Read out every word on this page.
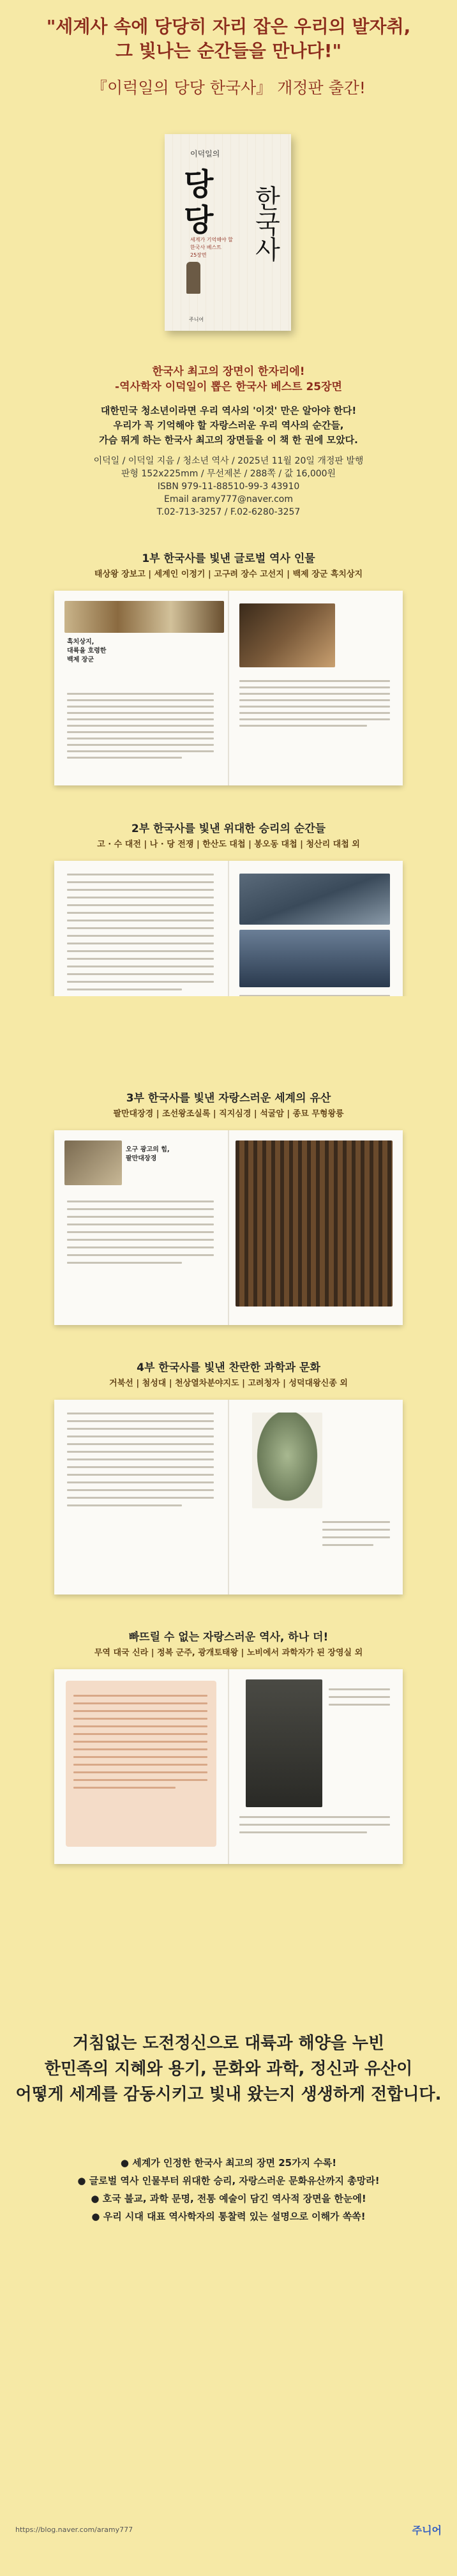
"세계사 속에 당당히 자리 잡은 우리의 발자취,
그 빛나는 순간들을 만나다!"
『이럭일의 당당 한국사』 개정판 출간!
이덕일의
당
당 한국사
세계가 기억해야 할
한국사 베스트
25장면
주니어
한국사 최고의 장면이 한자리에!
-역사학자 이덕일이 뽑은 한국사 베스트 25장면
대한민국 청소년이라면 우리 역사의 '이것' 만은 알아야 한다!
우리가 꼭 기억해야 할 자랑스러운 우리 역사의 순간들,
가슴 뛰게 하는 한국사 최고의 장면들을 이 책 한 권에 모았다.
이덕일 / 이덕일 지음 / 청소년 역사 / 2025년 11월 20일 개정판 발행
판형 152x225mm / 무선제본 / 288쪽 / 값 16,000원
ISBN 979-11-88510-99-3 43910
Email aramy777@naver.com
T.02-713-3257 / F.02-6280-3257
1부 한국사를 빛낸 글로벌 역사 인물
태상왕 장보고 | 세계인 이정기 | 고구려 장수 고선지 | 백제 장군 흑치상지
흑치상지,
대륙을 호령한
백제 장군
2부 한국사를 빛낸 위대한 승리의 순간들
고 · 수 대전 | 나 · 당 전쟁 | 한산도 대첩 | 봉오동 대첩 | 청산리 대첩 외
3부 한국사를 빛낸 자랑스러운 세계의 유산
팔만대장경 | 조선왕조실록 | 직지심경 | 석굴암 | 종묘 무형왕릉
오구 광고의 힘,
팔만대장경
4부 한국사를 빛낸 찬란한 과학과 문화
거북선 | 첨성대 | 천상열차분야지도 | 고려청자 | 성덕대왕신종 외
빠뜨릴 수 없는 자랑스러운 역사, 하나 더!
무역 대국 신라 | 정복 군주, 광개토태왕 | 노비에서 과학자가 된 장영실 외
거침없는 도전정신으로 대륙과 해양을 누빈
한민족의 지혜와 용기, 문화와 과학, 정신과 유산이
어떻게 세계를 감동시키고 빛내 왔는지 생생하게 전합니다.
● 세계가 인정한 한국사 최고의 장면 25가지 수록!
● 글로벌 역사 인물부터 위대한 승리, 자랑스러운 문화유산까지 총망라!
● 호국 불교, 과학 문명, 전통 예술이 담긴 역사적 장면을 한눈에!
● 우리 시대 대표 역사학자의 통찰력 있는 설명으로 이해가 쏙쏙!
https://blog.naver.com/aramy777	주니어
